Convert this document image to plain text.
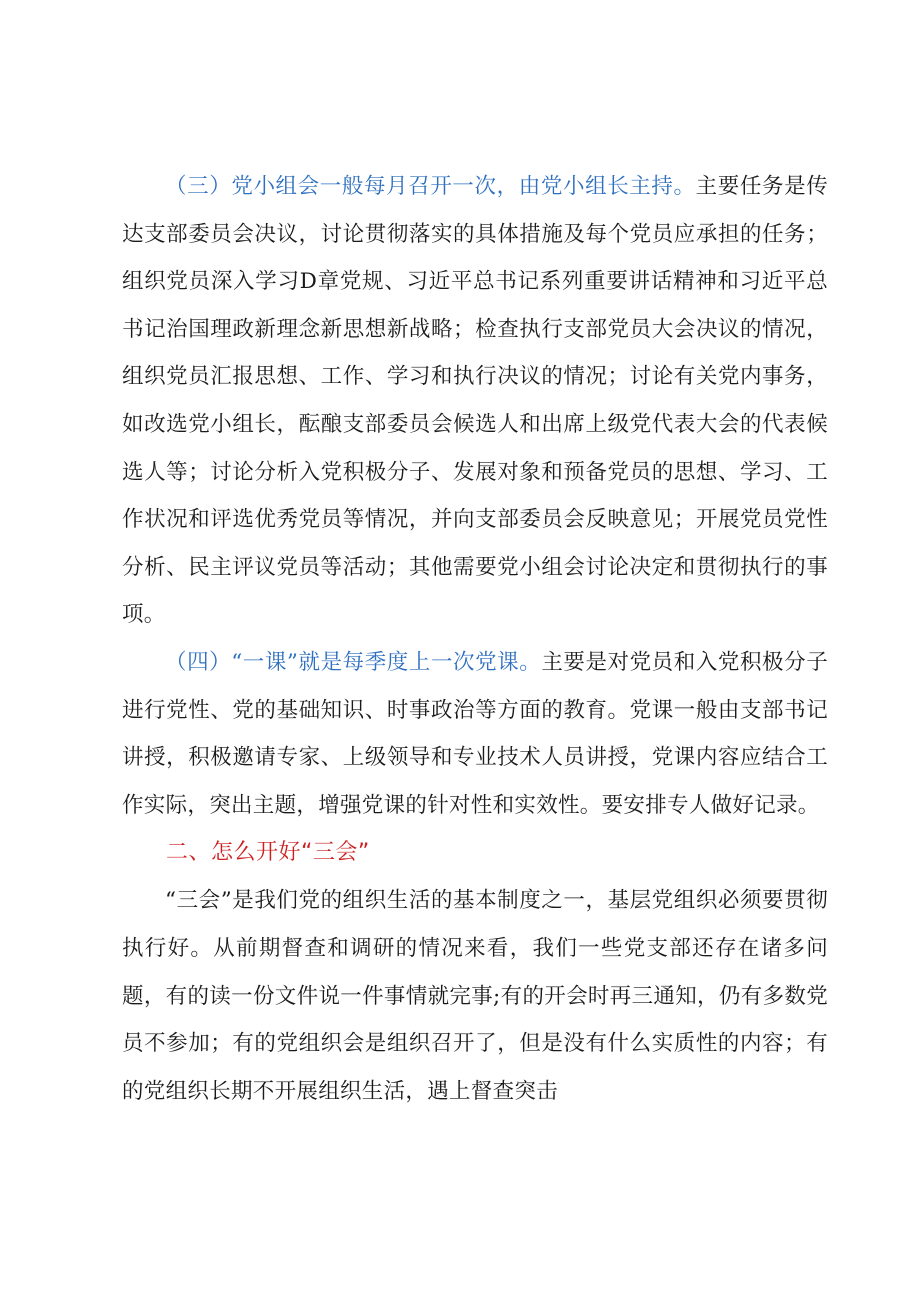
（三）党小组会一般每月召开一次，由党小组长主持。主要任务是传达支部委员会决议，讨论贯彻落实的具体措施及每个党员应承担的任务；组织党员深入学习D章党规、习近平总书记系列重要讲话精神和习近平总书记治国理政新理念新思想新战略；检查执行支部党员大会决议的情况，组织党员汇报思想、工作、学习和执行决议的情况；讨论有关党内事务，如改选党小组长，酝酿支部委员会候选人和出席上级党代表大会的代表候选人等；讨论分析入党积极分子、发展对象和预备党员的思想、学习、工作状况和评选优秀党员等情况，并向支部委员会反映意见；开展党员党性分析、民主评议党员等活动；其他需要党小组会讨论决定和贯彻执行的事项。

（四）“一课”就是每季度上一次党课。主要是对党员和入党积极分子进行党性、党的基础知识、时事政治等方面的教育。党课一般由支部书记讲授，积极邀请专家、上级领导和专业技术人员讲授，党课内容应结合工作实际，突出主题，增强党课的针对性和实效性。要安排专人做好记录。

二、怎么开好“三会”

“三会”是我们党的组织生活的基本制度之一，基层党组织必须要贯彻执行好。从前期督查和调研的情况来看，我们一些党支部还存在诸多问题，有的读一份文件说一件事情就完事;有的开会时再三通知，仍有多数党员不参加；有的党组织会是组织召开了，但是没有什么实质性的内容；有的党组织长期不开展组织生活，遇上督查突击
